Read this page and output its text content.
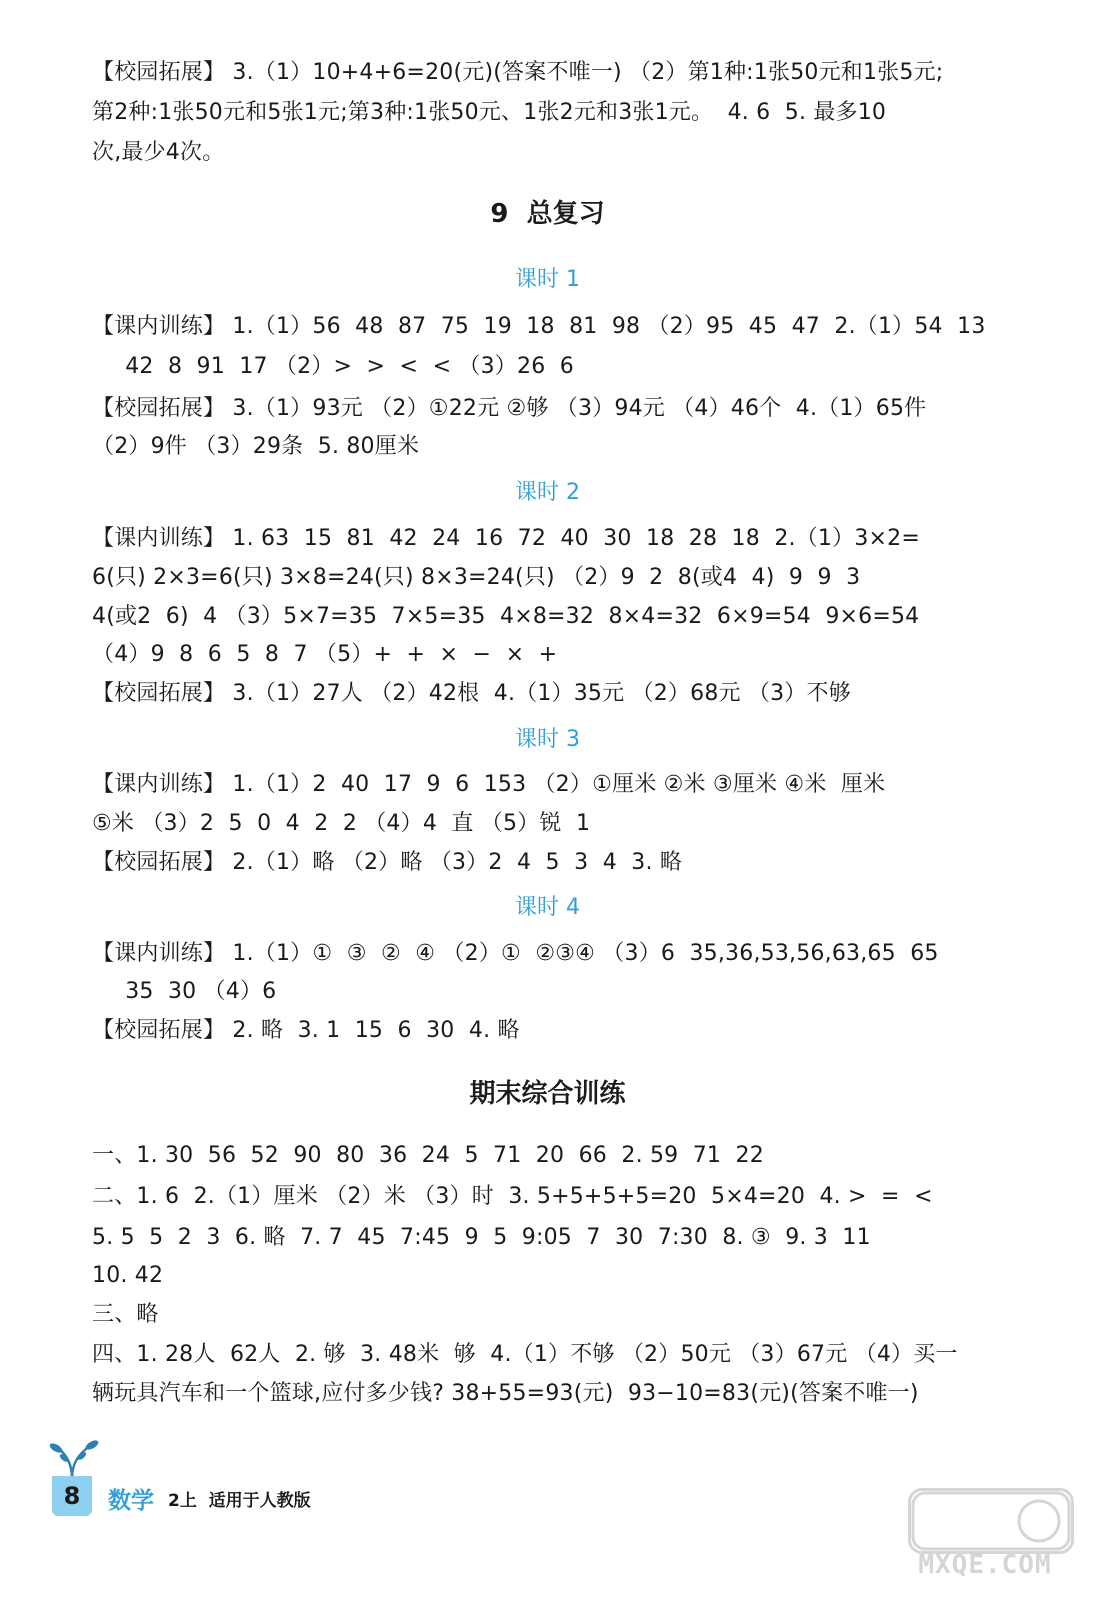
【校园拓展】 3.（1）10+4+6=20(元)(答案不唯一) （2）第1种:1张50元和1张5元;
第2种:1张50元和5张1元;第3种:1张50元、1张2元和3张1元。  4. 6  5. 最多10
次,最少4次。
9  总复习
课时 1
【课内训练】 1.（1）56  48  87  75  19  18  81  98 （2）95  45  47  2.（1）54  13
42  8  91  17 （2）>  >  <  < （3）26  6
【校园拓展】 3.（1）93元 （2）①22元 ②够 （3）94元 （4）46个  4.（1）65件
（2）9件 （3）29条  5. 80厘米
课时 2
【课内训练】 1. 63  15  81  42  24  16  72  40  30  18  28  18  2.（1）3×2=
6(只) 2×3=6(只) 3×8=24(只) 8×3=24(只) （2）9  2  8(或4  4)  9  9  3
4(或2  6)  4 （3）5×7=35  7×5=35  4×8=32  8×4=32  6×9=54  9×6=54
（4）9  8  6  5  8  7 （5）+  +  ×  −  ×  +
【校园拓展】 3.（1）27人 （2）42根  4.（1）35元 （2）68元 （3）不够
课时 3
【课内训练】 1.（1）2  40  17  9  6  153 （2）①厘米 ②米 ③厘米 ④米  厘米
⑤米 （3）2  5  0  4  2  2 （4）4  直 （5）锐  1
【校园拓展】 2.（1）略 （2）略 （3）2  4  5  3  4  3. 略
课时 4
【课内训练】 1.（1）①  ③  ②  ④ （2）①  ②③④ （3）6  35,36,53,56,63,65  65
35  30 （4）6
【校园拓展】 2. 略  3. 1  15  6  30  4. 略
期末综合训练
一、1. 30  56  52  90  80  36  24  5  71  20  66  2. 59  71  22
二、1. 6  2.（1）厘米 （2）米 （3）时  3. 5+5+5+5=20  5×4=20  4. >  =  <
5. 5  5  2  3  6. 略  7. 7  45  7:45  9  5  9:05  7  30  7:30  8. ③  9. 3  11
10. 42
三、略
四、1. 28人  62人  2. 够  3. 48米  够  4.（1）不够 （2）50元 （3）67元 （4）买一
辆玩具汽车和一个篮球,应付多少钱? 38+55=93(元)  93−10=83(元)(答案不唯一)
8	数学 2上  适用于人教版
MXQE.COM
